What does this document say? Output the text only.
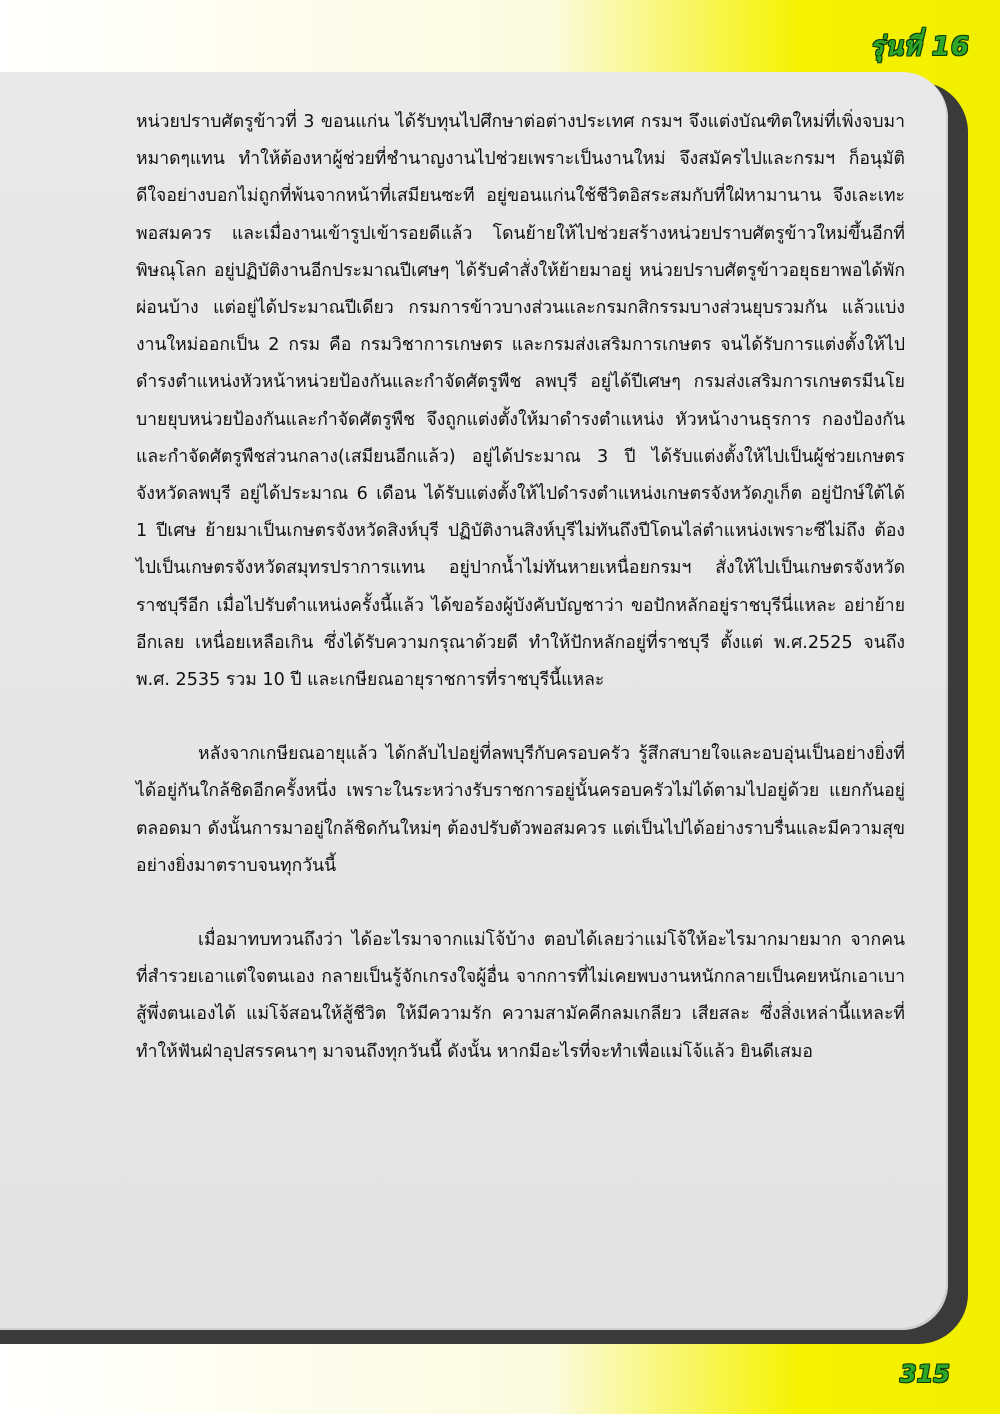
รุ่นที่ 16

หน่วยปราบศัตรูข้าวที่ 3 ขอนแก่น ได้รับทุนไปศึกษาต่อต่างประเทศ กรมฯ จึงแต่งบัณฑิตใหม่ที่เพิ่งจบมาหมาดๆแทน ทำให้ต้องหาผู้ช่วยที่ชำนาญงานไปช่วยเพราะเป็นงานใหม่ จึงสมัครไปและกรมฯ ก็อนุมัติ ดีใจอย่างบอกไม่ถูกที่พ้นจากหน้าที่เสมียนซะที อยู่ขอนแก่นใช้ชีวิตอิสระสมกับที่ใฝ่หามานาน จึงเละเทะพอสมควร และเมื่องานเข้ารูปเข้ารอยดีแล้ว โดนย้ายให้ไปช่วยสร้างหน่วยปราบศัตรูข้าวใหม่ขึ้นอีกที่พิษณุโลก อยู่ปฏิบัติงานอีกประมาณปีเศษๆ ได้รับคำสั่งให้ย้ายมาอยู่ หน่วยปราบศัตรูข้าวอยุธยาพอได้พักผ่อนบ้าง แต่อยู่ได้ประมาณปีเดียว กรมการข้าวบางส่วนและกรมกสิกรรมบางส่วนยุบรวมกัน แล้วแบ่งงานใหม่ออกเป็น 2 กรม คือ กรมวิชาการเกษตร และกรมส่งเสริมการเกษตร จนได้รับการแต่งตั้งให้ไปดำรงตำแหน่งหัวหน้าหน่วยป้องกันและกำจัดศัตรูพืช ลพบุรี อยู่ได้ปีเศษๆ กรมส่งเสริมการเกษตรมีนโยบายยุบหน่วยป้องกันและกำจัดศัตรูพืช จึงถูกแต่งตั้งให้มาดำรงตำแหน่ง หัวหน้างานธุรการ กองป้องกันและกำจัดศัตรูพืชส่วนกลาง(เสมียนอีกแล้ว) อยู่ได้ประมาณ 3 ปี ได้รับแต่งตั้งให้ไปเป็นผู้ช่วยเกษตรจังหวัดลพบุรี อยู่ได้ประมาณ 6 เดือน ได้รับแต่งตั้งให้ไปดำรงตำแหน่งเกษตรจังหวัดภูเก็ต อยู่ปักษ์ใต้ได้ 1 ปีเศษ ย้ายมาเป็นเกษตรจังหวัดสิงห์บุรี ปฏิบัติงานสิงห์บุรีไม่ทันถึงปีโดนไล่ตำแหน่งเพราะซีไม่ถึง ต้องไปเป็นเกษตรจังหวัดสมุทรปราการแทน อยู่ปากน้ำไม่ทันหายเหนื่อยกรมฯ สั่งให้ไปเป็นเกษตรจังหวัดราชบุรีอีก เมื่อไปรับตำแหน่งครั้งนี้แล้ว ได้ขอร้องผู้บังคับบัญชาว่า ขอปักหลักอยู่ราชบุรีนี่แหละ อย่าย้ายอีกเลย เหนื่อยเหลือเกิน ซึ่งได้รับความกรุณาด้วยดี ทำให้ปักหลักอยู่ที่ราชบุรี ตั้งแต่ พ.ศ.2525 จนถึง พ.ศ. 2535 รวม 10 ปี และเกษียณอายุราชการที่ราชบุรีนี้แหละ

หลังจากเกษียณอายุแล้ว ได้กลับไปอยู่ที่ลพบุรีกับครอบครัว รู้สึกสบายใจและอบอุ่นเป็นอย่างยิ่งที่ได้อยู่กันใกล้ชิดอีกครั้งหนึ่ง เพราะในระหว่างรับราชการอยู่นั้นครอบครัวไม่ได้ตามไปอยู่ด้วย แยกกันอยู่ตลอดมา ดังนั้นการมาอยู่ใกล้ชิดกันใหม่ๆ ต้องปรับตัวพอสมควร แต่เป็นไปได้อย่างราบรื่นและมีความสุขอย่างยิ่งมาตราบจนทุกวันนี้

เมื่อมาทบทวนถึงว่า ได้อะไรมาจากแม่โจ้บ้าง ตอบได้เลยว่าแม่โจ้ให้อะไรมากมายมาก จากคนที่สำรวยเอาแต่ใจตนเอง กลายเป็นรู้จักเกรงใจผู้อื่น จากการที่ไม่เคยพบงานหนักกลายเป็นคยหนักเอาเบาสู้พึ่งตนเองได้ แม่โจ้สอนให้สู้ชีวิต ให้มีความรัก ความสามัคคีกลมเกลียว เสียสละ ซึ่งสิ่งเหล่านี้แหละที่ทำให้ฟันฝ่าอุปสรรคนาๆ มาจนถึงทุกวันนี้ ดังนั้น หากมีอะไรที่จะทำเพื่อแม่โจ้แล้ว ยินดีเสมอ

315
